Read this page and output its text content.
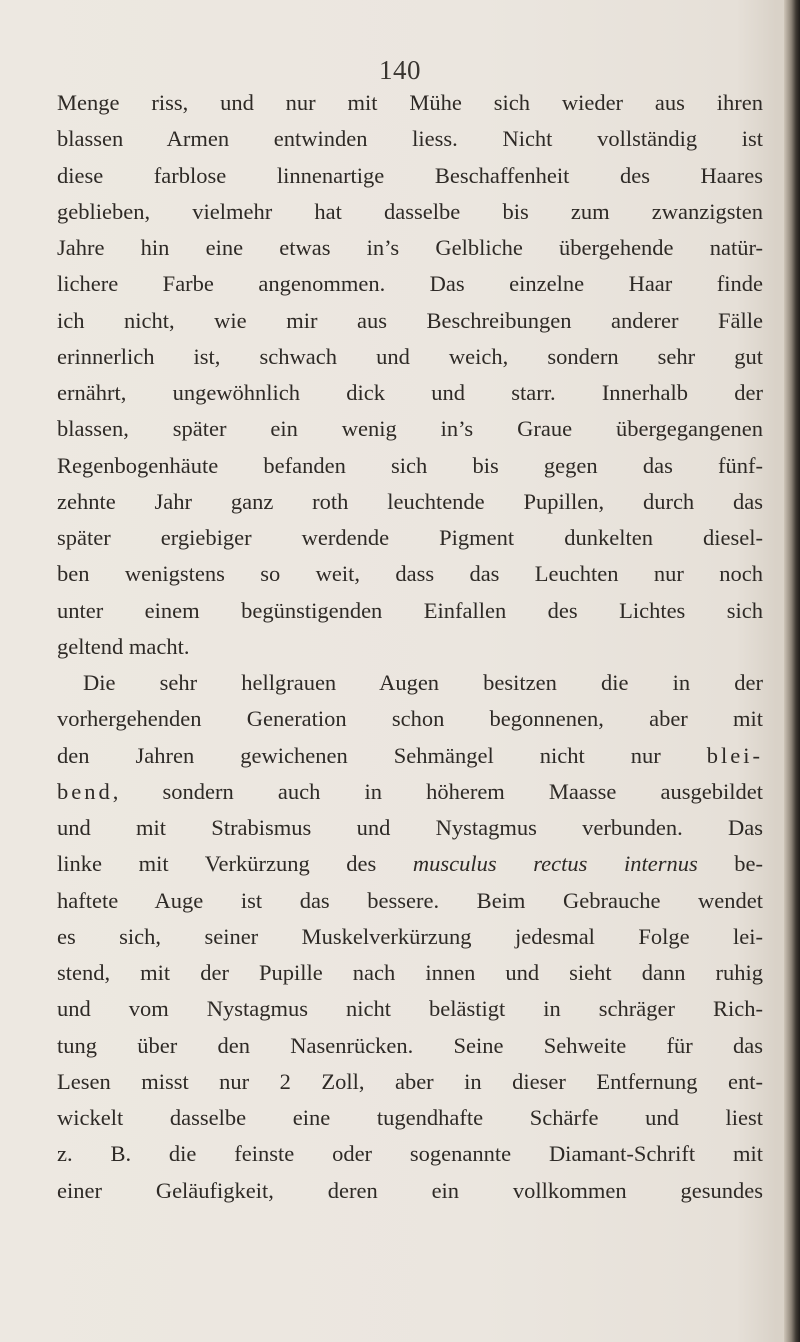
140
Menge riss, und nur mit Mühe sich wieder aus ihren
blassen Armen entwinden liess. Nicht vollständig ist
diese farblose linnenartige Beschaffenheit des Haares
geblieben, vielmehr hat dasselbe bis zum zwanzigsten
Jahre hin eine etwas in’s Gelbliche übergehende natür-
lichere Farbe angenommen. Das einzelne Haar finde
ich nicht, wie mir aus Beschreibungen anderer Fälle
erinnerlich ist, schwach und weich, sondern sehr gut
ernährt, ungewöhnlich dick und starr. Innerhalb der
blassen, später ein wenig in’s Graue übergegangenen
Regenbogenhäute befanden sich bis gegen das fünf-
zehnte Jahr ganz roth leuchtende Pupillen, durch das
später ergiebiger werdende Pigment dunkelten diesel-
ben wenigstens so weit, dass das Leuchten nur noch
unter einem begünstigenden Einfallen des Lichtes sich
geltend macht.
Die sehr hellgrauen Augen besitzen die in der
vorhergehenden Generation schon begonnenen, aber mit
den Jahren gewichenen Sehmängel nicht nur blei-
bend, sondern auch in höherem Maasse ausgebildet
und mit Strabismus und Nystagmus verbunden. Das
linke mit Verkürzung des musculus rectus internus be-
haftete Auge ist das bessere. Beim Gebrauche wendet
es sich, seiner Muskelverkürzung jedesmal Folge lei-
stend, mit der Pupille nach innen und sieht dann ruhig
und vom Nystagmus nicht belästigt in schräger Rich-
tung über den Nasenrücken. Seine Sehweite für das
Lesen misst nur 2 Zoll, aber in dieser Entfernung ent-
wickelt dasselbe eine tugendhafte Schärfe und liest
z. B. die feinste oder sogenannte Diamant-Schrift mit
einer Geläufigkeit, deren ein vollkommen gesundes
